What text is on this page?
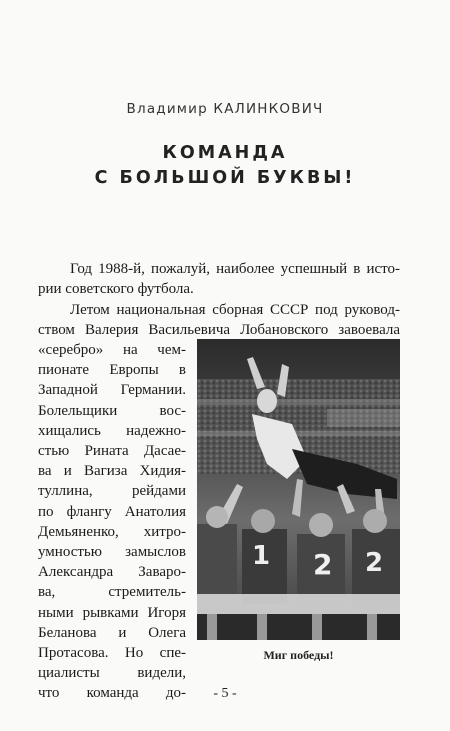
Владимир КАЛИНКОВИЧ
КОМАНДА
С БОЛЬШОЙ БУКВЫ!
Год 1988-й, пожалуй, наиболее успешный в исто-
рии советского футбола.
Летом национальная сборная СССР под руковод-
ством Валерия Васильевича Лобановского завоевала
«серебро» на чем-
пионате Европы в
Западной Германии.
Болельщики вос-
хищались надежно-
стью Рината Дасае-
ва и Вагиза Хидия-
туллина, рейдами
по флангу Анатолия
Демьяненко, хитро-
умностью замыслов
Александра Заваро-
ва, стремитель-
ными рывками Игоря
Беланова и Олега
Протасова. Но спе-
циалисты видели,
что команда до-
1 2 2
Миг победы!
- 5 -
